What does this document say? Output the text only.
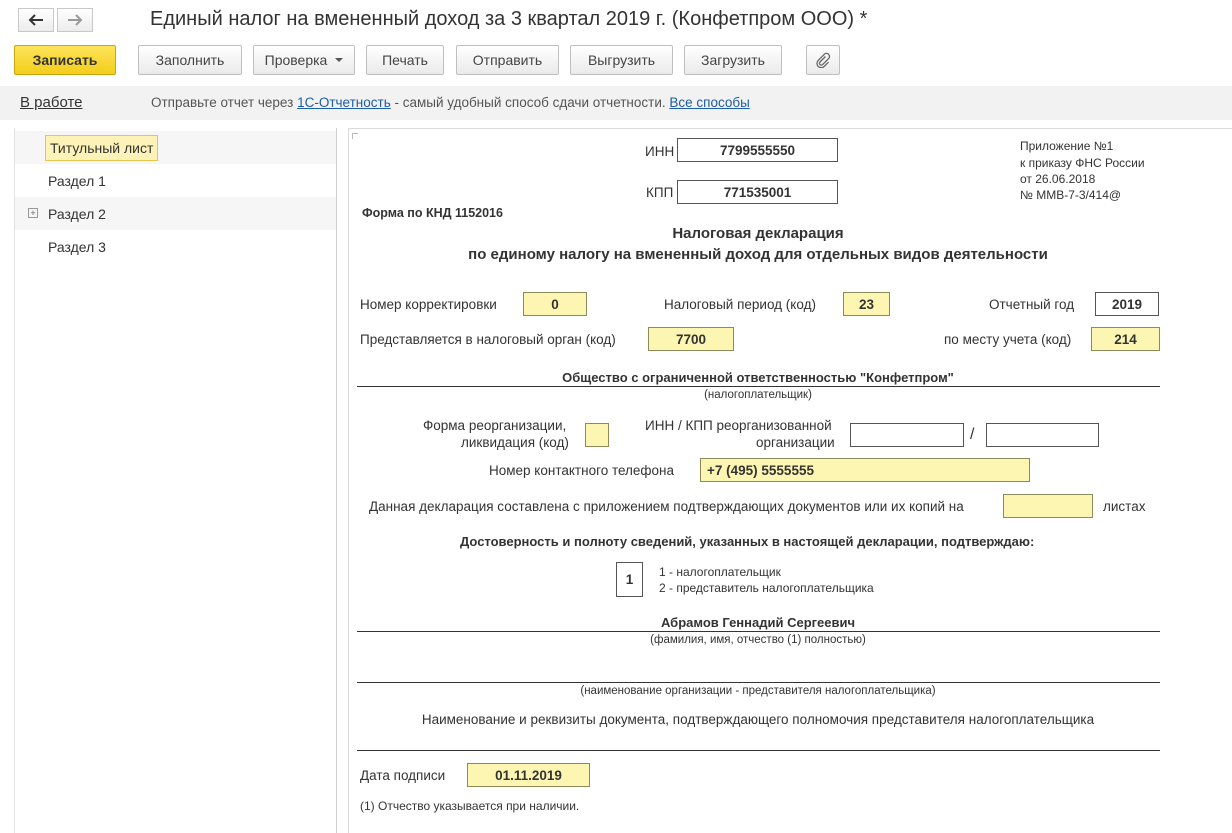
Единый налог на вмененный доход за 3 квартал 2019 г. (Конфетпром ООО) *
Записать	Заполнить	Проверка	Печать	Отправить	Выгрузить	Загрузить
В работе	Отправьте отчет через 1С-Отчетность - самый удобный способ сдачи отчетности. Все способы
Титульный лист
Раздел 1
+ Раздел 2
Раздел 3
ИНН	7799555550
КПП	771535001
Приложение №1
к приказу ФНС России
от 26.06.2018
№ ММВ-7-3/414@
Форма по КНД 1152016
Налоговая декларация
по единому налогу на вмененный доход для отдельных видов деятельности
Номер корректировки	0	Налоговый период (код)	23	Отчетный год	2019
Представляется в налоговый орган (код)	7700	по месту учета (код)	214
Общество с ограниченной ответственностью "Конфетпром"
(налогоплательщик)
Форма реорганизации,
ликвидация (код)
ИНН / КПП реорганизованной
организации	/
Номер контактного телефона	+7 (495) 5555555
Данная декларация составлена с приложением подтверждающих документов или их копий на	листах
Достоверность и полноту сведений, указанных в настоящей декларации, подтверждаю:
1	1 - налогоплательщик
2 - представитель налогоплательщика
Абрамов Геннадий Сергеевич
(фамилия, имя, отчество (1) полностью)
(наименование организации - представителя налогоплательщика)
Наименование и реквизиты документа, подтверждающего полномочия представителя налогоплательщика
Дата подписи	01.11.2019
(1) Отчество указывается при наличии.
